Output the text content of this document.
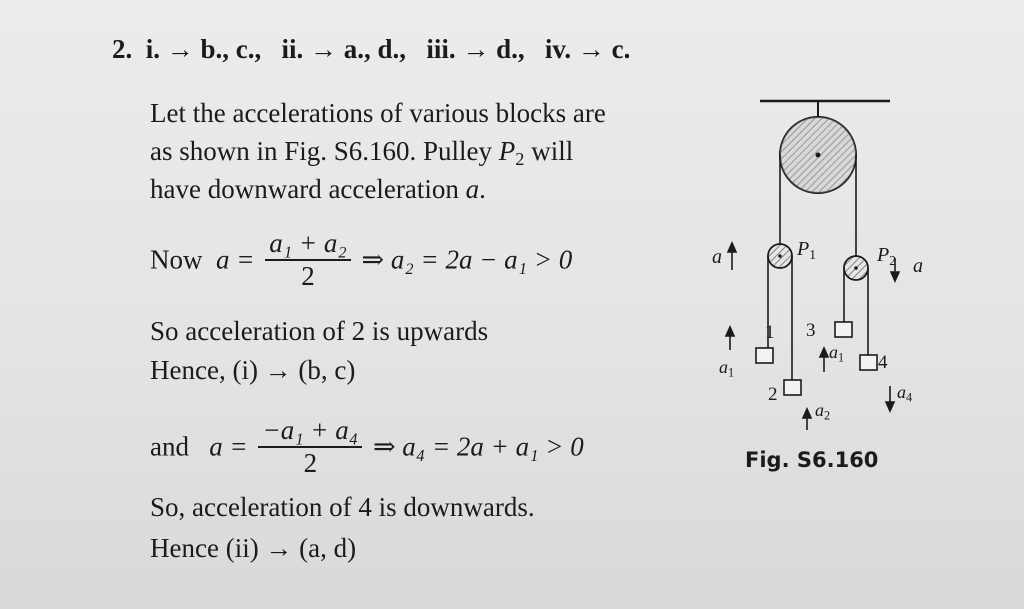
2. i. → b., c., ii. → a., d., iii. → d., iv. → c.
Let the accelerations of various blocks are
as shown in Fig. S6.160. Pulley $P_2$ will
have downward acceleration a.
Now $a = \frac{\text{a₁ + a₂}}{2}$ ⇒ a₂ = 2a − a₁ > 0
So acceleration of 2 is upwards
Hence, (i) → (b, c)
and $a = \frac{\text{−a₁ + a₄}}{2}$ ⇒ a₄ = 2a + a₁ > 0
So, acceleration of 4 is downwards.
Hence (ii) → (a, d)
a	$P_1$	$P_2$ a
1 3
4
2
$a_1$
$a_1$
$a_2$
$a_4$
Fig. S6.160
